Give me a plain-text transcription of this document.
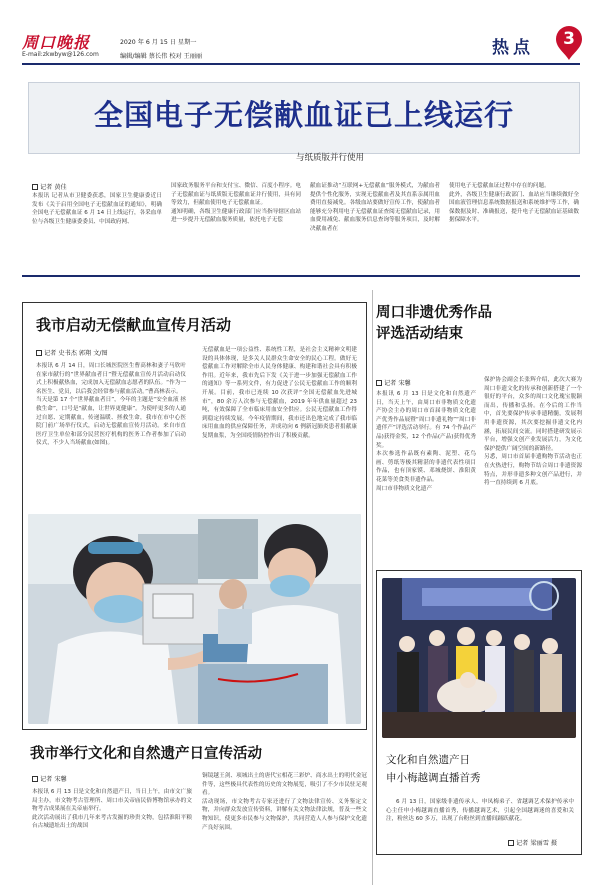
周口晚报
E-mail:zkwbyw@126.com
2020 年 6 月 15 日 星期一
编辑/编辑 蔡长伟 校对 王丽丽	热点	3
全国电子无偿献血证已上线运行
与纸质版并行使用
记者 黄佳
本报讯 记者从市卫健委获悉，国家卫生健康委近日发布《关于启用全国电子无偿献血证的通知》，明确全国电子无偿献血证 6 月 14 日上线运行，各采血单位与各级卫生健康委委员、中国政府网、
国家政务服务平台和支付宝、微信、百度小程序。电子无偿献血证与纸质版无偿献血证并行使用，具有同等效力，但献血使用电子无偿献血证。
通知明确，各级卫生健康行政部门应当指导辖区血站进一步提升无偿献血服务质量，依托电子无偿
献血证推动“互联网+无偿献血”服务模式，为献血者提供个性化服务，实现无偿献血者及其直系亲属用血费用直接减免。各级血站要做好宣传工作，使献血者能够充分利用电子无偿献血证查阅无偿献血记录，用血费用减免、献血服务信息查询等服务项目，及时解决献血者在
使用电子无偿献血证过程中存在的问题。
此外，各级卫生健康行政部门、血站应当继续做好全国血液管理信息系统数据报送和系统维护等工作，确保数据及时、准确报送，提升电子无偿献血证基础数据保障水平。
我市启动无偿献血宣传月活动
记者 史书杰 郭翔 文/图
本报讯 6 月 14 日，周口长城医院医生曹高林和妻子马欣叶在家市献行的“世界献血者日”暨无偿献血宣传月活动启动仪式上积极献热血，完成加入无偿献血志愿者的队伍。“作为一名医生、党员，以后我会经常参与献血活动。”曹高林表示。
当天是第 17 个“世界献血者日”，今年的主题是“安全血液 拯救生命”，口号是“献血，让世界更健康”。为使呼更多的人通过自愿、定期献血，传递温暖、拯救生命，我市在市中心医院门前广场举行仪式，启动无偿献血宣传月活动。来自市直医疗卫生单位和部分民营医疗机构的医务工作者参加了启动仪式，不少人当场献血(如图)。
无偿献血是一项公益性、系统性工程，是社会主义精神文明建设的具体体现，是多关人民群众生命安全的民心工程。做好无偿献血工作对解除全市人民身体健康、构建和谐社会具有积极作用。近年来，我市先后下发《关于进一步加强无偿献血工作的通知》等一系列文件，有力促进了公民无偿献血工作的顺利开展。目前，我市已连续 10 次获评“全国无偿献血先进城市”，80 余万人次参与无偿献血，2019 年年供血量超过 23 吨，有效保障了全市临床用血安全供应。公民无偿献血工作得到稳定持续发展。今年疫情期间，我市还出色地完成了我市临床用血血的供应保障任务，并成功向 6 例新冠肺炎患者捐献康复期血浆，为全国疫情防控作出了积极贡献。
周口非遗优秀作品评选活动结束
记者 宋馨
本报讯 6 月 13 日是文化和自然遗产日，当天上午，由周口市非物质文化遗产协会主办的周口市首届非物质文化遗产优秀作品展暨“周口非遗礼物”“周口非遗伴产”评选活动举行。有 74 个作品(产品)获得金奖，12 个作品(产品)获得优秀奖。
本次参选作品既有素陶、泥塑、花鸟画、剪纸等极其精湛的非遗代表性项目作品，也有顶家馍、邓城烧饼、淮阳黄花菜等美食类非遗作品。
周口市非物质文化遗产
保护协会副会长张辉介绍，此次大赛为周口非遗文化的传承和创新搭建了一个很好的平台，众多的周口文化瑰宝脱颖而出，传播和弘扬。在今后的工作当中，首先要保护传承非遗精髓，发展利用非遗资源，其次要挖掘非遗文化内涵，拓展民间交流。同时搭建研发展示平台，增强文创产业发展活力，为文化保护提供广阔空间的新路径。
另悉，周口市首届非遗购物节活动也正在火热进行，购物节结合周口非遗资源特点，并形非遗多种文创产品进行，并将一直持续到 6 月底。
文化和自然遗产日
申小梅越调直播首秀
6 月 13 日，国家级非遗传承人、申凤梅弟子、省越调艺术保护传承中心主任申小梅越调直播首秀，传播越调艺术，引起全国越调迷的喜爱和关注，粉丝达 60 多万，出现了台粉丝到直播间踊跃献花。
记者 梁丽雪 摄
我市举行文化和自然遗产日宣传活动
记者 宋馨
本报讯 6 月 13 日是文化和自然遗产日，当日上午，由市文广旅局主办，市文物考古管理所、周口市关帝庙民俗博物馆承办的文物考古成果展在关帝庙举行。
此次活动展出了我市几年来考古发掘的珍贵文物，包括淮阳平粮台古城遗址出土的战国
铜镜越王剑、项城出土的唐代宝相花三彩炉、商水出土的明代金冠件等，这些极具代表性的历史的文物展览，吸引了不少市民驻足观看。
活动现场，市文物考古专家还进行了文物法律宣传、义务鉴定文物，并向群众发放宣传资料，讲解有关文物法律法规，普及一些文物知识，使更多市民参与文物保护，共同营造人人参与保护文化遗产良好氛围。
